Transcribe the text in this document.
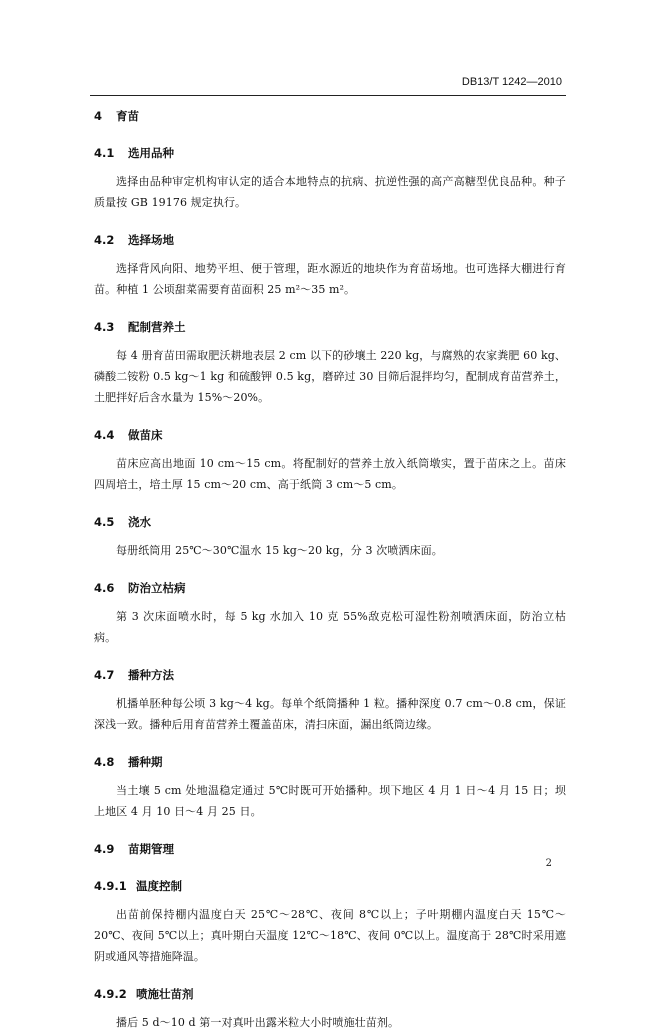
DB13/T 1242—2010
4 育苗
4.1 选用品种

选择由品种审定机构审认定的适合本地特点的抗病、抗逆性强的高产高糖型优良品种。种子质量按 GB 19176 规定执行。

4.2 选择场地

选择背风向阳、地势平坦、便于管理，距水源近的地块作为育苗场地。也可选择大棚进行育苗。种植 1 公顷甜菜需要育苗面积 25 m²～35 m²。

4.3 配制营养土

每 4 册育苗田需取肥沃耕地表层 2 cm 以下的砂壤土 220 kg，与腐熟的农家粪肥 60 kg、磷酸二铵粉 0.5 kg～1 kg 和硫酸钾 0.5 kg，磨碎过 30 目筛后混拌均匀，配制成育苗营养土，土肥拌好后含水量为 15%～20%。

4.4 做苗床

苗床应高出地面 10 cm～15 cm。将配制好的营养土放入纸筒墩实，置于苗床之上。苗床四周培土，培土厚 15 cm～20 cm、高于纸筒 3 cm～5 cm。

4.5 浇水

每册纸筒用 25℃～30℃温水 15 kg～20 kg，分 3 次喷洒床面。

4.6 防治立枯病

第 3 次床面喷水时，每 5 kg 水加入 10 克 55%敌克松可湿性粉剂喷洒床面，防治立枯病。

4.7 播种方法

机播单胚种每公顷 3 kg～4 kg。每单个纸筒播种 1 粒。播种深度 0.7 cm～0.8 cm，保证深浅一致。播种后用育苗营养土覆盖苗床，清扫床面，漏出纸筒边缘。

4.8 播种期

当土壤 5 cm 处地温稳定通过 5℃时既可开始播种。坝下地区 4 月 1 日～4 月 15 日；坝上地区 4 月 10 日～4 月 25 日。

4.9 苗期管理
4.9.1 温度控制

出苗前保持棚内温度白天 25℃～28℃、夜间 8℃以上；子叶期棚内温度白天 15℃～20℃、夜间 5℃以上；真叶期白天温度 12℃～18℃、夜间 0℃以上。温度高于 28℃时采用遮阴或通风等措施降温。

4.9.2 喷施壮苗剂

播后 5 d～10 d 第一对真叶出露米粒大小时喷施壮苗剂。

2
